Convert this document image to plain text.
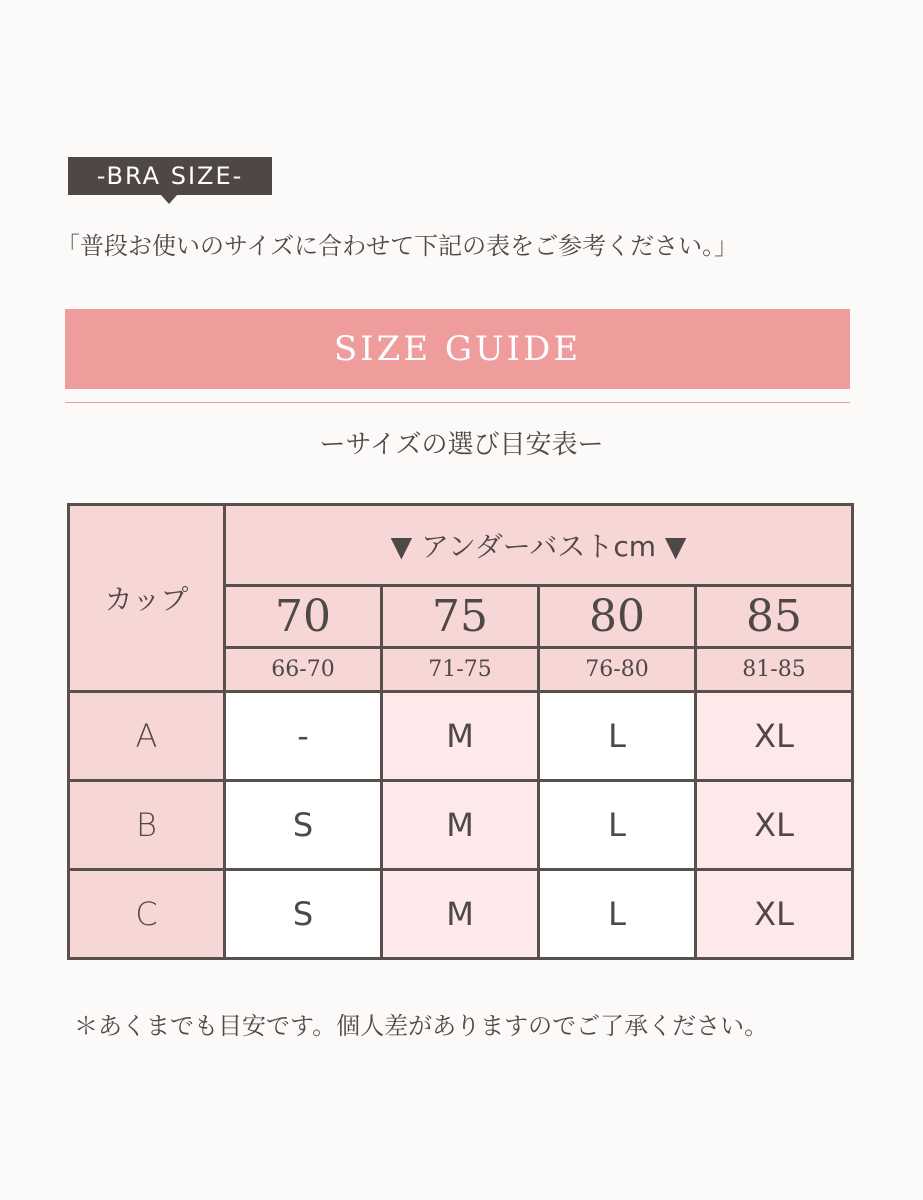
-BRA SIZE-
「普段お使いのサイズに合わせて下記の表をご参考ください。」
SIZE GUIDE
ーサイズの選び目安表ー
カップ	▼ アンダーバストcm ▼			
	70	75	80	85
	66-70	71-75	76-80	81-85
A	-	M	L	XL
B	S	M	L	XL
C	S	M	L	XL
＊あくまでも目安です。個人差がありますのでご了承ください。
